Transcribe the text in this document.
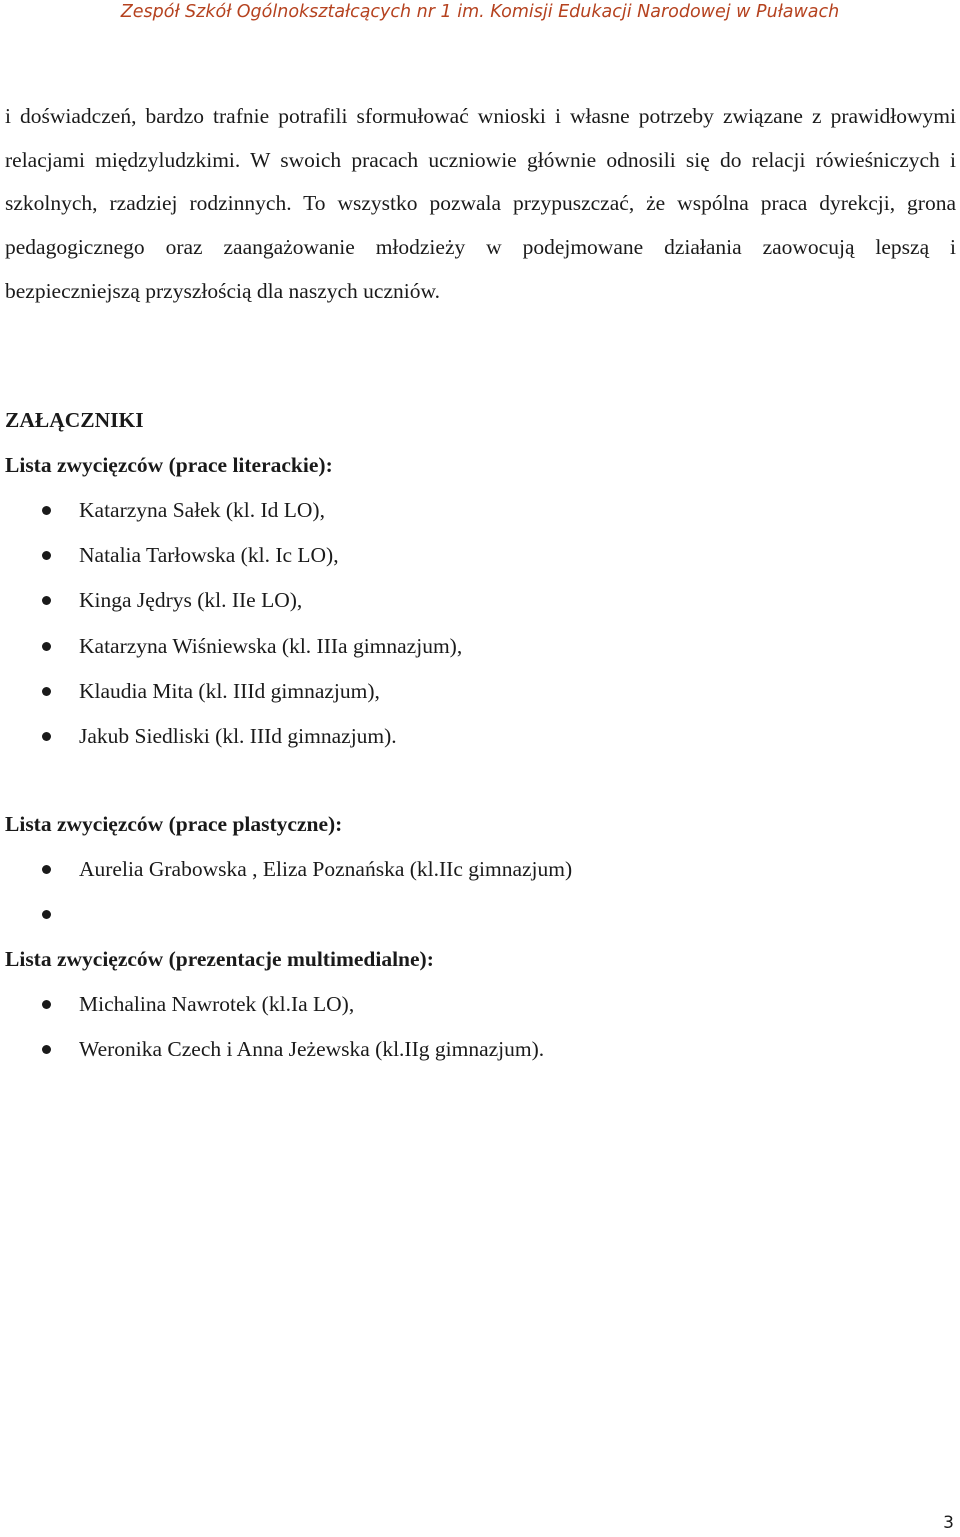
Zespół Szkół Ogólnokształcących nr 1 im. Komisji Edukacji Narodowej w Puławach

i doświadczeń, bardzo trafnie potrafili sformułować wnioski i własne potrzeby związane z prawidłowymi relacjami międzyludzkimi. W swoich pracach uczniowie głównie odnosili się do relacji rówieśniczych i szkolnych, rzadziej rodzinnych. To wszystko pozwala przypuszczać, że wspólna praca dyrekcji, grona pedagogicznego oraz zaangażowanie młodzieży w podejmowane działania zaowocują lepszą i bezpieczniejszą przyszłością dla naszych uczniów.

ZAŁĄCZNIKI
Lista zwycięzców (prace literackie):
Katarzyna Sałek (kl. Id LO),
Natalia Tarłowska (kl. Ic LO),
Kinga Jędrys (kl. IIe LO),
Katarzyna Wiśniewska (kl. IIIa gimnazjum),
Klaudia Mita (kl. IIId gimnazjum),
Jakub Siedliski (kl. IIId gimnazjum).
Lista zwycięzców (prace plastyczne):
Aurelia Grabowska , Eliza Poznańska (kl.IIc gimnazjum)
Lista zwycięzców (prezentacje multimedialne):
Michalina Nawrotek (kl.Ia LO),
Weronika Czech i Anna Jeżewska (kl.IIg gimnazjum).
3
